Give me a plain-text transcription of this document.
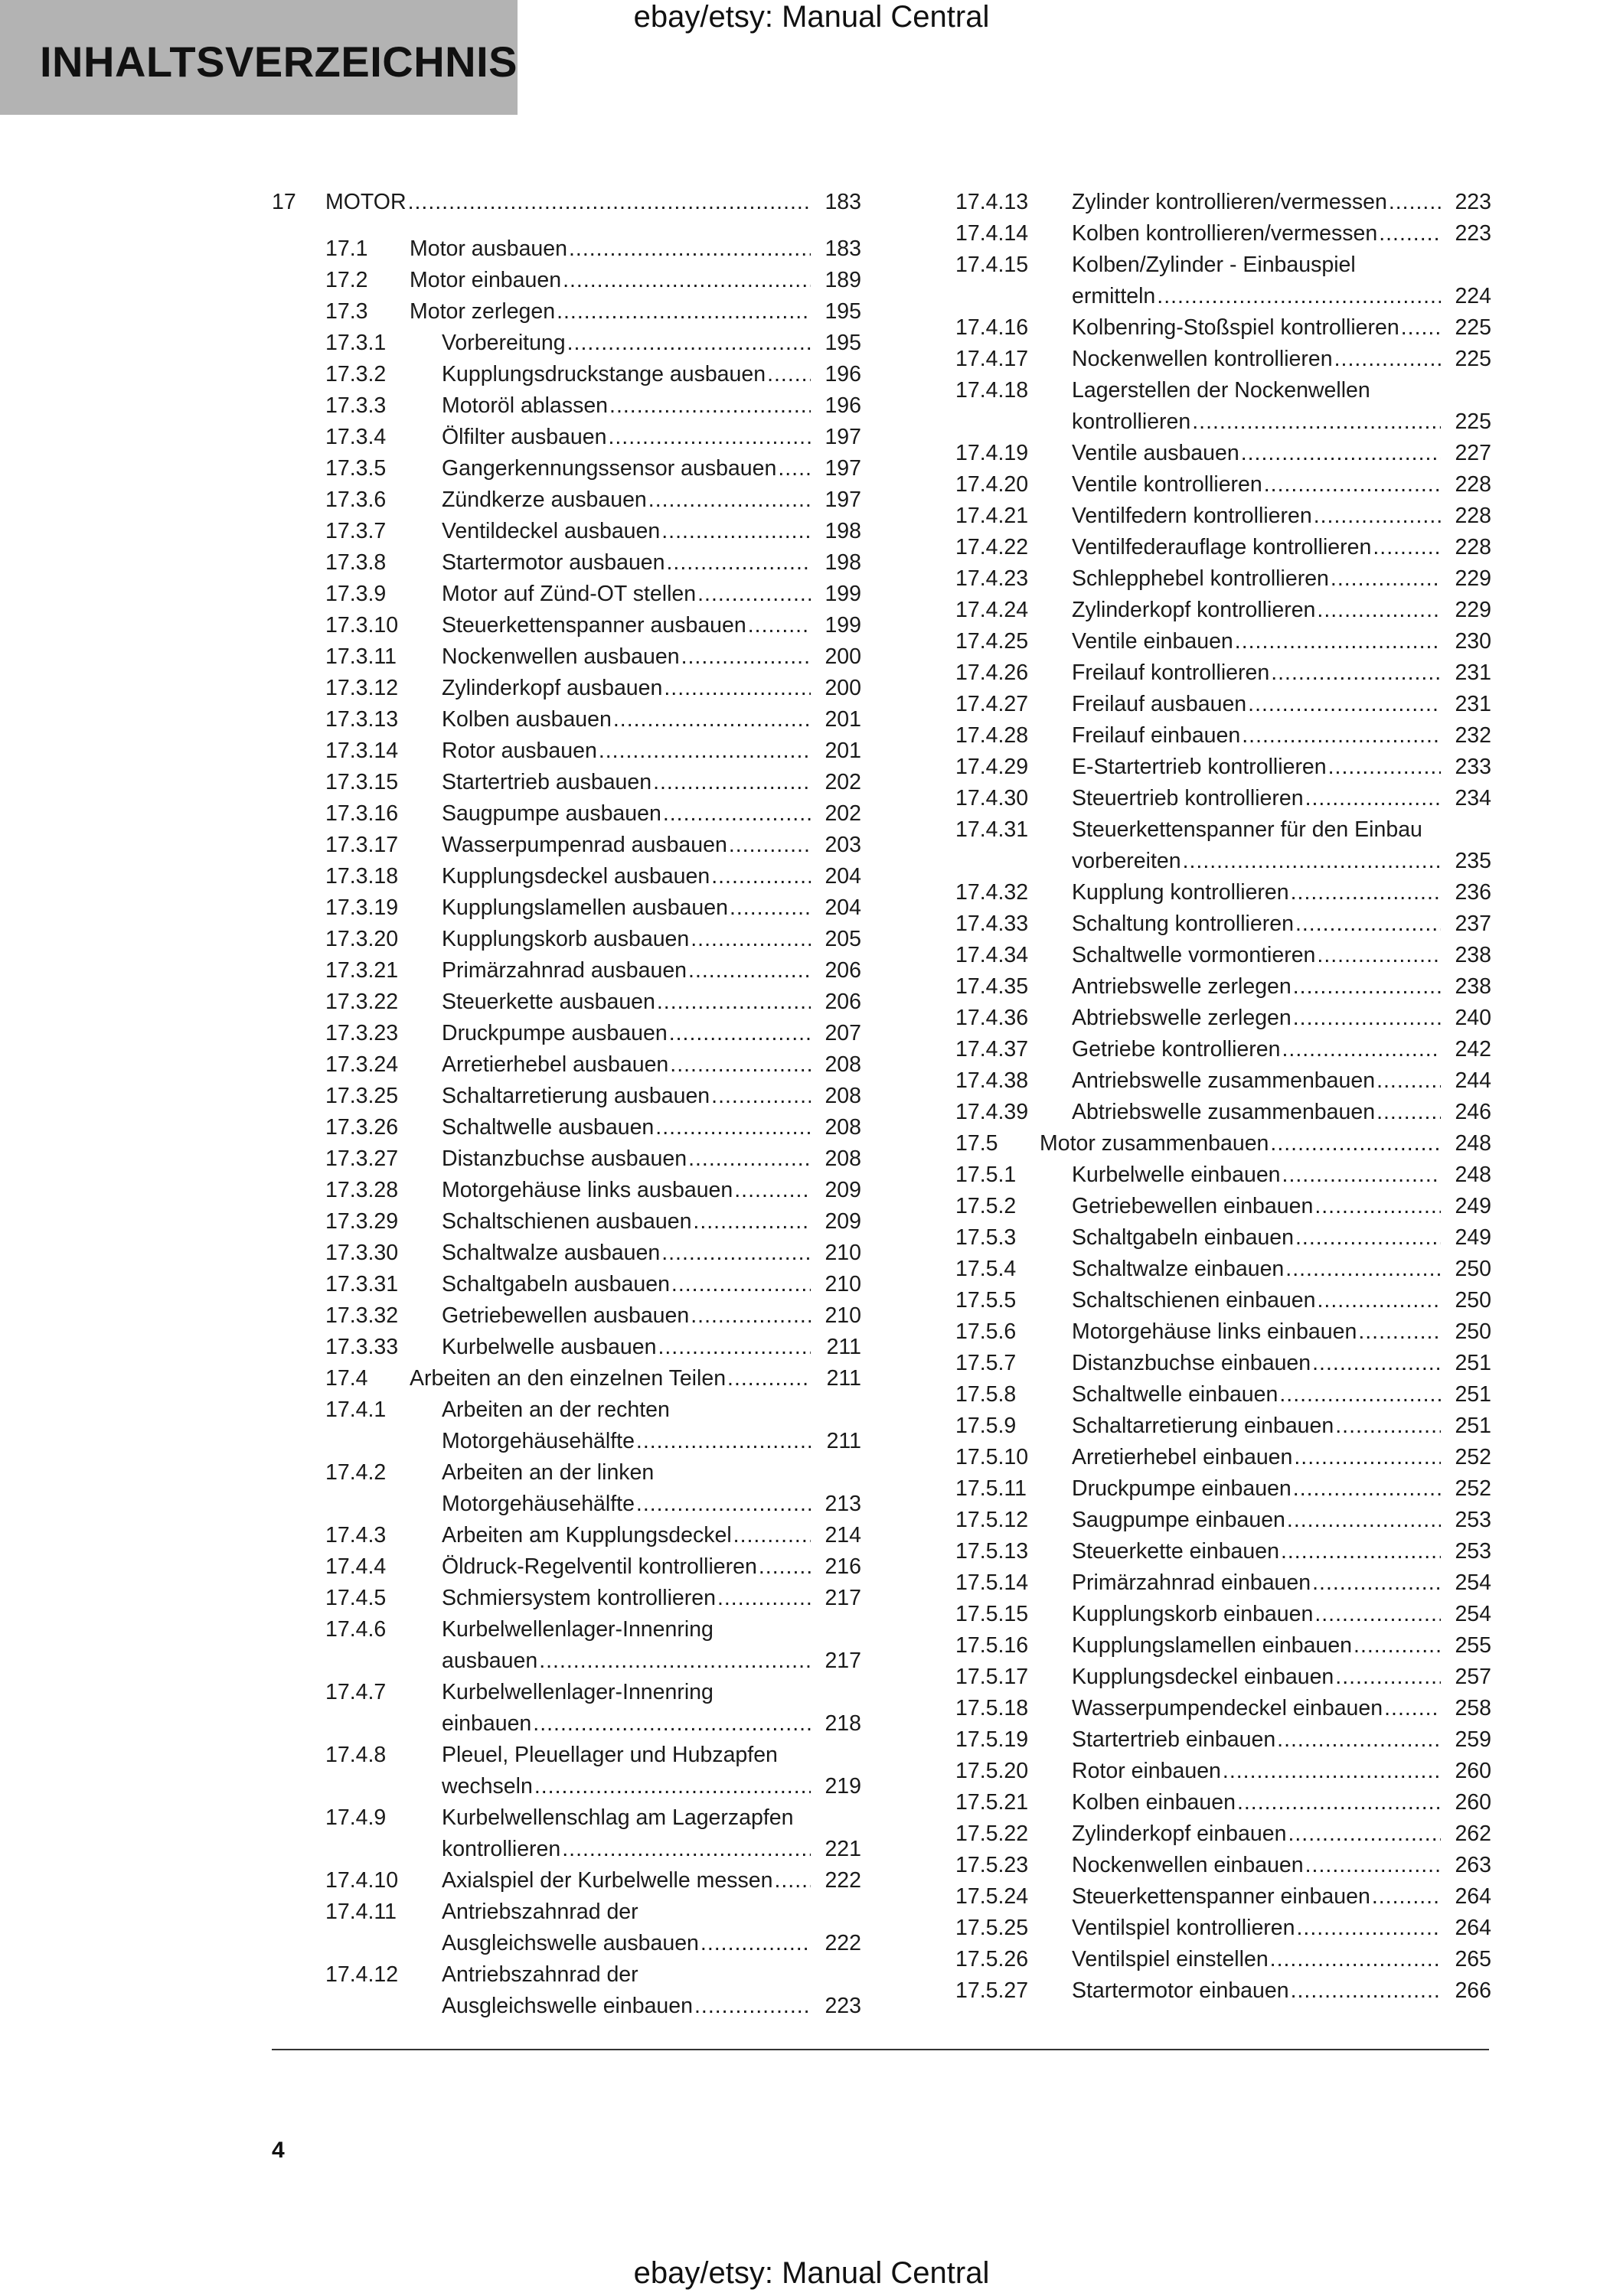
INHALTSVERZEICHNIS
ebay/etsy: Manual Central
17 MOTOR .....	183
17.1 Motor ausbauen .....	183
17.2 Motor einbauen .....	189
17.3 Motor zerlegen .....	195
17.3.1	Vorbereitung .....	195
17.3.2	Kupplungsdruckstange ausbauen .....	196
17.3.3	Motoröl ablassen .....	196
17.3.4	Ölfilter ausbauen .....	197
17.3.5	Gangerkennungssensor ausbauen ..... 197
17.3.6	Zündkerze ausbauen .....	197
17.3.7	Ventildeckel ausbauen .....	198
17.3.8	Startermotor ausbauen .....	198
17.3.9	Motor auf Zünd-OT stellen .....	199
17.3.10 Steuerkettenspanner ausbauen .....	199
17.3.11 Nockenwellen ausbauen .....	200
17.3.12 Zylinderkopf ausbauen .....	200
17.3.13 Kolben ausbauen .....	201
17.3.14 Rotor ausbauen .....	201
17.3.15 Startertrieb ausbauen .....	202
17.3.16 Saugpumpe ausbauen .....	202
17.3.17 Wasserpumpenrad ausbauen .....	203
17.3.18 Kupplungsdeckel ausbauen .....	204
17.3.19 Kupplungslamellen ausbauen .....	204
17.3.20 Kupplungskorb ausbauen .....	205
17.3.21 Primärzahnrad ausbauen .....	206
17.3.22 Steuerkette ausbauen .....	206
17.3.23 Druckpumpe ausbauen .....	207
17.3.24 Arretierhebel ausbauen .....	208
17.3.25 Schaltarretierung ausbauen .....	208
17.3.26 Schaltwelle ausbauen .....	208
17.3.27 Distanzbuchse ausbauen .....	208
17.3.28 Motorgehäuse links ausbauen .....	209
17.3.29 Schaltschienen ausbauen .....	209
17.3.30 Schaltwalze ausbauen .....	210
17.3.31 Schaltgabeln ausbauen .....	210
17.3.32 Getriebewellen ausbauen .....	210
17.3.33 Kurbelwelle ausbauen .....	211
17.4 Arbeiten an den einzelnen Teilen .....	211
17.4.1	Arbeiten an der rechten
Motorgehäusehälfte .....	211
17.4.2	Arbeiten an der linken
Motorgehäusehälfte .....	213
17.4.3	Arbeiten am Kupplungsdeckel .....	214
17.4.4	Öldruck-Regelventil kontrollieren .....	216
17.4.5	Schmiersystem kontrollieren .....	217
17.4.6	Kurbelwellenlager-Innenring
ausbauen .....	217
17.4.7	Kurbelwellenlager-Innenring
einbauen .....	218
17.4.8	Pleuel, Pleuellager und Hubzapfen
wechseln .....	219
17.4.9	Kurbelwellenschlag am Lagerzapfen
kontrollieren .....	221
17.4.10 Axialspiel der Kurbelwelle messen ..... 222
17.4.11 Antriebszahnrad der
Ausgleichswelle ausbauen .....	222
17.4.12 Antriebszahnrad der
Ausgleichswelle einbauen .....	223
17.4.13 Zylinder kontrollieren/vermessen .....	223
17.4.14 Kolben kontrollieren/vermessen .....	223
17.4.15 Kolben/Zylinder - Einbauspiel
ermitteln .....	224
17.4.16 Kolbenring-Stoßspiel kontrollieren .....	225
17.4.17 Nockenwellen kontrollieren .....	225
17.4.18 Lagerstellen der Nockenwellen
kontrollieren .....	225
17.4.19 Ventile ausbauen .....	227
17.4.20 Ventile kontrollieren .....	228
17.4.21 Ventilfedern kontrollieren .....	228
17.4.22 Ventilfederauflage kontrollieren .....	228
17.4.23 Schlepphebel kontrollieren .....	229
17.4.24 Zylinderkopf kontrollieren .....	229
17.4.25 Ventile einbauen .....	230
17.4.26 Freilauf kontrollieren .....	231
17.4.27 Freilauf ausbauen .....	231
17.4.28 Freilauf einbauen .....	232
17.4.29 E-Startertrieb kontrollieren .....	233
17.4.30 Steuertrieb kontrollieren .....	234
17.4.31 Steuerkettenspanner für den Einbau
vorbereiten .....	235
17.4.32 Kupplung kontrollieren .....	236
17.4.33 Schaltung kontrollieren .....	237
17.4.34 Schaltwelle vormontieren .....	238
17.4.35 Antriebswelle zerlegen .....	238
17.4.36 Abtriebswelle zerlegen .....	240
17.4.37 Getriebe kontrollieren .....	242
17.4.38 Antriebswelle zusammenbauen .....	244
17.4.39 Abtriebswelle zusammenbauen .....	246
17.5 Motor zusammenbauen .....	248
17.5.1	Kurbelwelle einbauen .....	248
17.5.2	Getriebewellen einbauen .....	249
17.5.3	Schaltgabeln einbauen .....	249
17.5.4	Schaltwalze einbauen .....	250
17.5.5	Schaltschienen einbauen .....	250
17.5.6	Motorgehäuse links einbauen .....	250
17.5.7	Distanzbuchse einbauen .....	251
17.5.8	Schaltwelle einbauen .....	251
17.5.9	Schaltarretierung einbauen .....	251
17.5.10 Arretierhebel einbauen .....	252
17.5.11 Druckpumpe einbauen .....	252
17.5.12 Saugpumpe einbauen .....	253
17.5.13 Steuerkette einbauen .....	253
17.5.14 Primärzahnrad einbauen .....	254
17.5.15 Kupplungskorb einbauen .....	254
17.5.16 Kupplungslamellen einbauen .....	255
17.5.17 Kupplungsdeckel einbauen .....	257
17.5.18 Wasserpumpendeckel einbauen .....	258
17.5.19 Startertrieb einbauen .....	259
17.5.20 Rotor einbauen .....	260
17.5.21 Kolben einbauen .....	260
17.5.22 Zylinderkopf einbauen .....	262
17.5.23 Nockenwellen einbauen .....	263
17.5.24 Steuerkettenspanner einbauen .....	264
17.5.25 Ventilspiel kontrollieren .....	264
17.5.26 Ventilspiel einstellen .....	265
17.5.27 Startermotor einbauen .....	266
4
ebay/etsy: Manual Central
